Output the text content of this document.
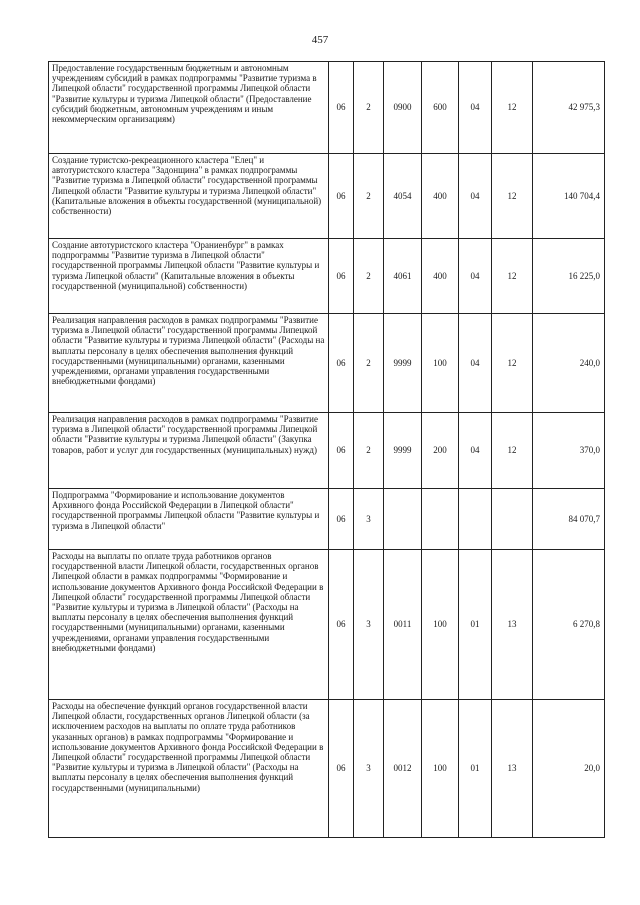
457
Предоставление государственным бюджетным и автономным учреждениям субсидий в рамках подпрограммы "Развитие туризма в Липецкой области" государственной программы Липецкой области "Развитие культуры и туризма Липецкой области" (Предоставление субсидий бюджетным, автономным учреждениям и иным некоммерческим организациям)	06	2	0900	600	04	12	42 975,3
Создание туристско-рекреационного кластера "Елец" и автотуристского кластера "Задонщина" в рамках подпрограммы "Развитие туризма в Липецкой области" государственной программы Липецкой области "Развитие культуры и туризма Липецкой области" (Капитальные вложения в объекты государственной (муниципальной) собственности)	06	2	4054	400	04	12	140 704,4
Создание автотуристского кластера "Ораниенбург" в рамках подпрограммы "Развитие туризма в Липецкой области" государственной программы Липецкой области "Развитие культуры и туризма Липецкой области" (Капитальные вложения в объекты государственной (муниципальной) собственности)	06	2	4061	400	04	12	16 225,0
Реализация направления расходов в рамках подпрограммы "Развитие туризма в Липецкой области" государственной программы Липецкой области "Развитие культуры и туризма Липецкой области" (Расходы на выплаты персоналу в целях обеспечения выполнения функций государственными (муниципальными) органами, казенными учреждениями, органами управления государственными внебюджетными фондами)	06	2	9999	100	04	12	240,0
Реализация направления расходов в рамках подпрограммы "Развитие туризма в Липецкой области" государственной программы Липецкой области "Развитие культуры и туризма Липецкой области" (Закупка товаров, работ и услуг для государственных (муниципальных) нужд)	06	2	9999	200	04	12	370,0
Подпрограмма "Формирование и использование документов Архивного фонда Российской Федерации в Липецкой области" государственной программы Липецкой области "Развитие культуры и туризма в Липецкой области"	06	3					84 070,7
Расходы на выплаты по оплате труда работников органов государственной власти Липецкой области, государственных органов Липецкой области в рамках подпрограммы "Формирование и использование документов Архивного фонда Российской Федерации в Липецкой области" государственной программы Липецкой области "Развитие культуры и туризма в Липецкой области" (Расходы на выплаты персоналу в целях обеспечения выполнения функций государственными (муниципальными) органами, казенными учреждениями, органами управления государственными внебюджетными фондами)	06	3	0011	100	01	13	6 270,8
Расходы на обеспечение функций органов государственной власти Липецкой области, государственных органов Липецкой области (за исключением расходов на выплаты по оплате труда работников указанных органов) в рамках подпрограммы "Формирование и использование документов Архивного фонда Российской Федерации в Липецкой области" государственной программы Липецкой области "Развитие культуры и туризма в Липецкой области" (Расходы на выплаты персоналу в целях обеспечения выполнения функций государственными (муниципальными)	06	3	0012	100	01	13	20,0
